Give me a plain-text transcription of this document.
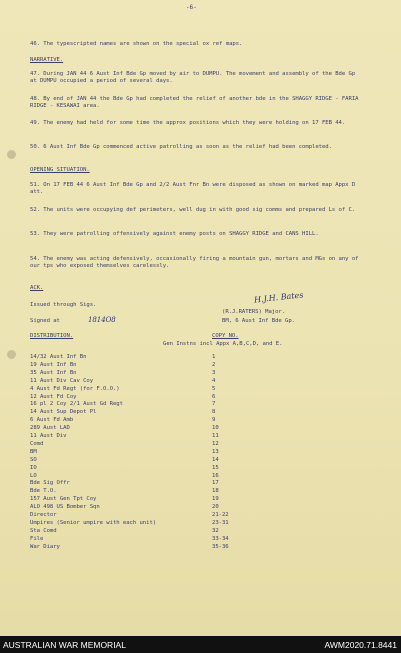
-6-
46. The typescripted names are shown on the special ox ref maps.
NARRATIVE.
47. During JAN 44 6 Aust Inf Bde Gp moved by air to DUMPU. The movement and assembly of the Bde Gp at DUMPU occupied a period of several days.
48. By end of JAN 44 the Bde Gp had completed the relief of another bde in the SHAGGY RIDGE - FARIA RIDGE - KESAWAI area.
49. The enemy had held for some time the approx positions which they were holding on 17 FEB 44.
50. 6 Aust Inf Bde Gp commenced active patrolling as soon as the relief had been completed.
OPENING SITUATION.
51. On 17 FEB 44 6 Aust Inf Bde Gp and 2/2 Aust Fnr Bn were disposed as shown on marked map Appx D att.
52. The units were occupying def perimeters, well dug in with good sig comms and prepared Ls of C.
53. They were patrolling offensively against enemy posts on SHAGGY RIDGE and CANS HILL.
54. The enemy was acting defensively, occasionally firing a mountain gun, mortars and MGs on any of our tps who exposed themselves carelessly.
ACK.
Issued through Sigs.
Signed at	1814O8
H.J.H. Bates
(R.J.RATERS) Major.
BM, 6 Aust Inf Bde Gp.
DISTRIBUTION.	COPY NO.
Gen Instns incl Appx A,B,C,D, and E.
14/32 Aust Inf Bn	1
19 Aust Inf Bn	2
35 Aust Inf Bn	3
11 Aust Div Cav Coy	4
4 Aust Fd Regt (for F.O.O.)	5
12 Aust Fd Coy	6
16 pl 2 Coy 2/1 Aust Gd Regt	7
14 Aust Sup Depot Pl	8
6 Aust Fd Amb	9
289 Aust LAD	10
11 Aust Div	11
Comd	12
BM	13
SO	14
IO	15
LO	16
Bde Sig Offr	17
Bde T.O.	18
157 Aust Gen Tpt Coy	19
ALO 498 US Bomber Sqn	20
Director	21-22
Umpires (Senior umpire with each unit)	23-31
Sta Comd	32
File	33-34
War Diary	35-36
AUSTRALIAN WAR MEMORIAL	AWM2020.71.8441
